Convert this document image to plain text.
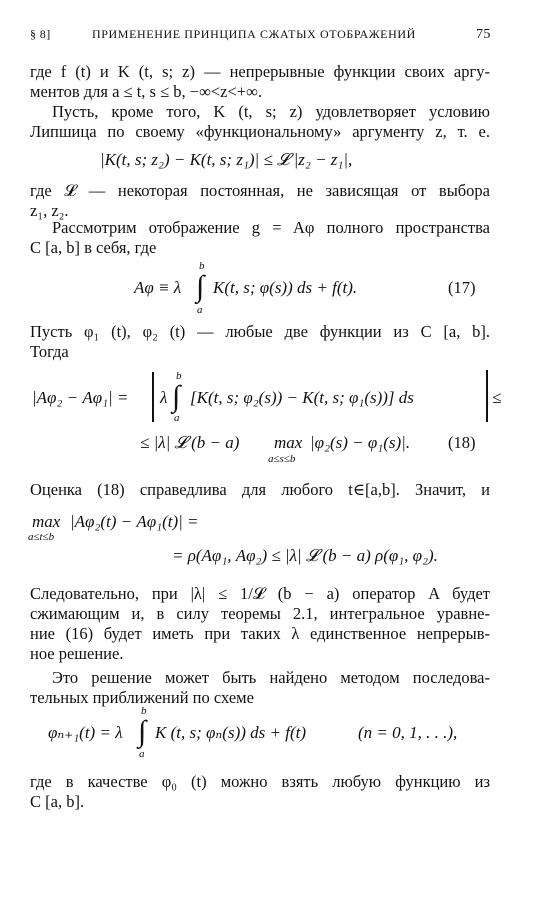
§ 8]	ПРИМЕНЕНИЕ ПРИНЦИПА СЖАТЫХ ОТОБРАЖЕНИЙ	75
где f (t) и K (t, s; z) — непрерывные функции своих аргу-
ментов для a ≤ t, s ≤ b, −∞<z<+∞.
Пусть, кроме того, K (t, s; z) удовлетворяет условию
Липшица по своему «функциональному» аргументу z, т. е.
|K(t, s; z₂) − K(t, s; z₁)| ≤ 𝓛 |z₂ − z₁|,
где 𝓛 — некоторая постоянная, не зависящая от выбора
z₁, z₂.
Рассмотрим отображение g = Aφ полного пространства
C [a, b] в себя, где
Aφ ≡ λ ∫
b
a
K(t, s; φ(s)) ds + f(t).	(17)
Пусть φ₁ (t), φ₂ (t) — любые две функции из C [a, b].
Тогда
|Aφ₂ − Aφ₁| = λ ∫
b
a
[K(t, s; φ₂(s)) − K(t, s; φ₁(s))] ds	≤
≤ |λ| 𝓛 (b − a) max
a≤s≤b
|φ₂(s) − φ₁(s)|. (18)
Оценка (18) справедлива для любого t∈[a,b]. Значит, и
max
a≤t≤b
|Aφ₂(t) − Aφ₁(t)| =
= ρ(Aφ₁, Aφ₂) ≤ |λ| 𝓛 (b − a) ρ(φ₁, φ₂).
Следовательно, при |λ| ≤ 1/𝓛 (b − a) оператор A будет
сжимающим и, в силу теоремы 2.1, интегральное уравне-
ние (16) будет иметь при таких λ единственное непрерыв-
ное решение.
Это решение может быть найдено методом последова-
тельных приближений по схеме
φₙ₊₁(t) = λ ∫
b
a
K (t, s; φₙ(s)) ds + f(t)	(n = 0, 1, . . .),
где в качестве φ₀ (t) можно взять любую функцию из
C [a, b].
